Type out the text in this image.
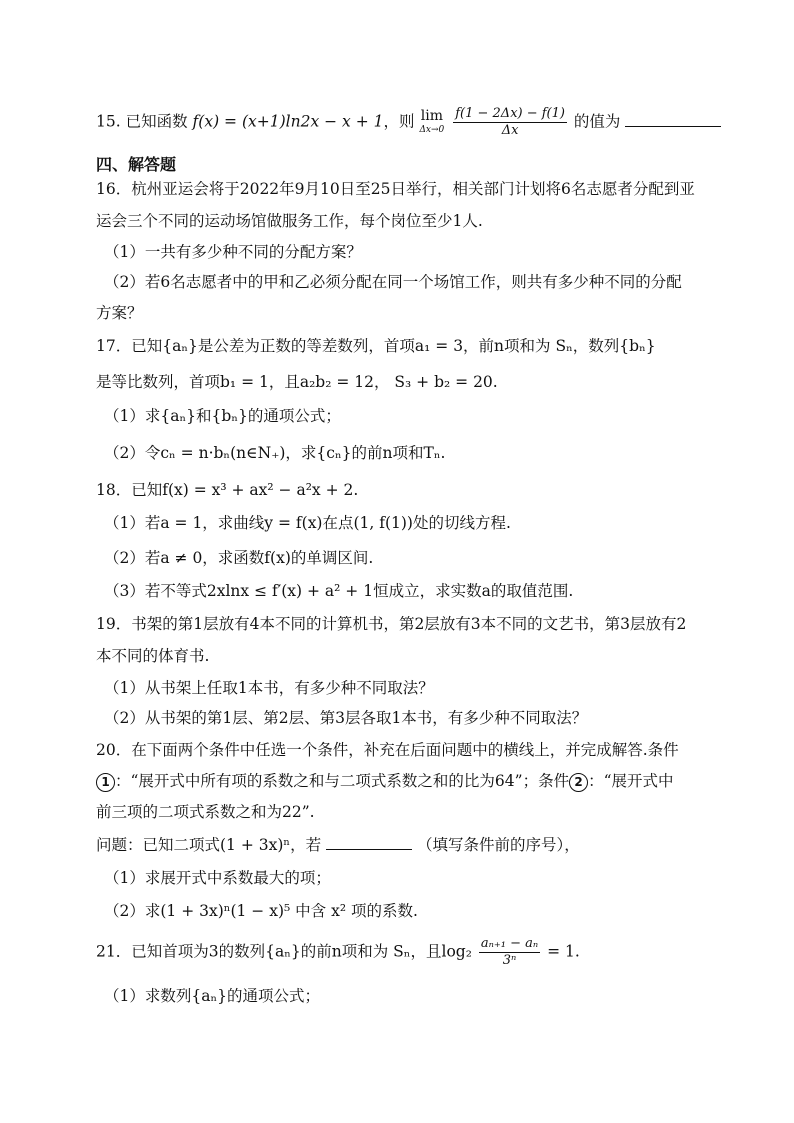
15. 已知函数 f(x) = (x+1)ln2x − x + 1，则 lim
Δx→0
$\frac{f(1 - 2\Delta x) - f(1)}{\Delta x}$ 的值为
四、解答题
16．杭州亚运会将于2022年9月10日至25日举行，相关部门计划将6名志愿者分配到亚
运会三个不同的运动场馆做服务工作，每个岗位至少1人.
（1）一共有多少种不同的分配方案？
（2）若6名志愿者中的甲和乙必须分配在同一个场馆工作，则共有多少种不同的分配
方案？
17．已知{aₙ}是公差为正数的等差数列，首项a₁ = 3，前n项和为 Sₙ，数列{bₙ}
是等比数列，首项b₁ = 1，且a₂b₂ = 12， S₃ + b₂ = 20.
（1）求{aₙ}和{bₙ}的通项公式；
（2）令cₙ = n·bₙ(n∈N₊)，求{cₙ}的前n项和Tₙ.
18．已知f(x) = x³ + ax² − a²x + 2.
（1）若a = 1，求曲线y = f(x)在点(1, f(1))处的切线方程.
（2）若a ≠ 0，求函数f(x)的单调区间.
（3）若不等式2xlnx ≤ f′(x) + a² + 1恒成立，求实数a的取值范围.
19．书架的第1层放有4本不同的计算机书，第2层放有3本不同的文艺书，第3层放有2
本不同的体育书.
（1）从书架上任取1本书，有多少种不同取法？
（2）从书架的第1层、第2层、第3层各取1本书，有多少种不同取法？
20．在下面两个条件中任选一个条件，补充在后面问题中的横线上，并完成解答.条件
1 ：“展开式中所有项的系数之和与二项式系数之和的比为64”；条件 2 ：“展开式中
前三项的二项式系数之和为22”.
问题：已知二项式(1 + 3x)ⁿ，若	（填写条件前的序号），
（1）求展开式中系数最大的项；
（2）求(1 + 3x)ⁿ(1 − x)⁵ 中含 x² 项的系数.
21．已知首项为3的数列{aₙ}的前n项和为 Sₙ，且$\log_2 \frac{\text{aₙ₊₁ − aₙ}}{\text{3ⁿ}} = 1$.
（1）求数列{aₙ}的通项公式；
